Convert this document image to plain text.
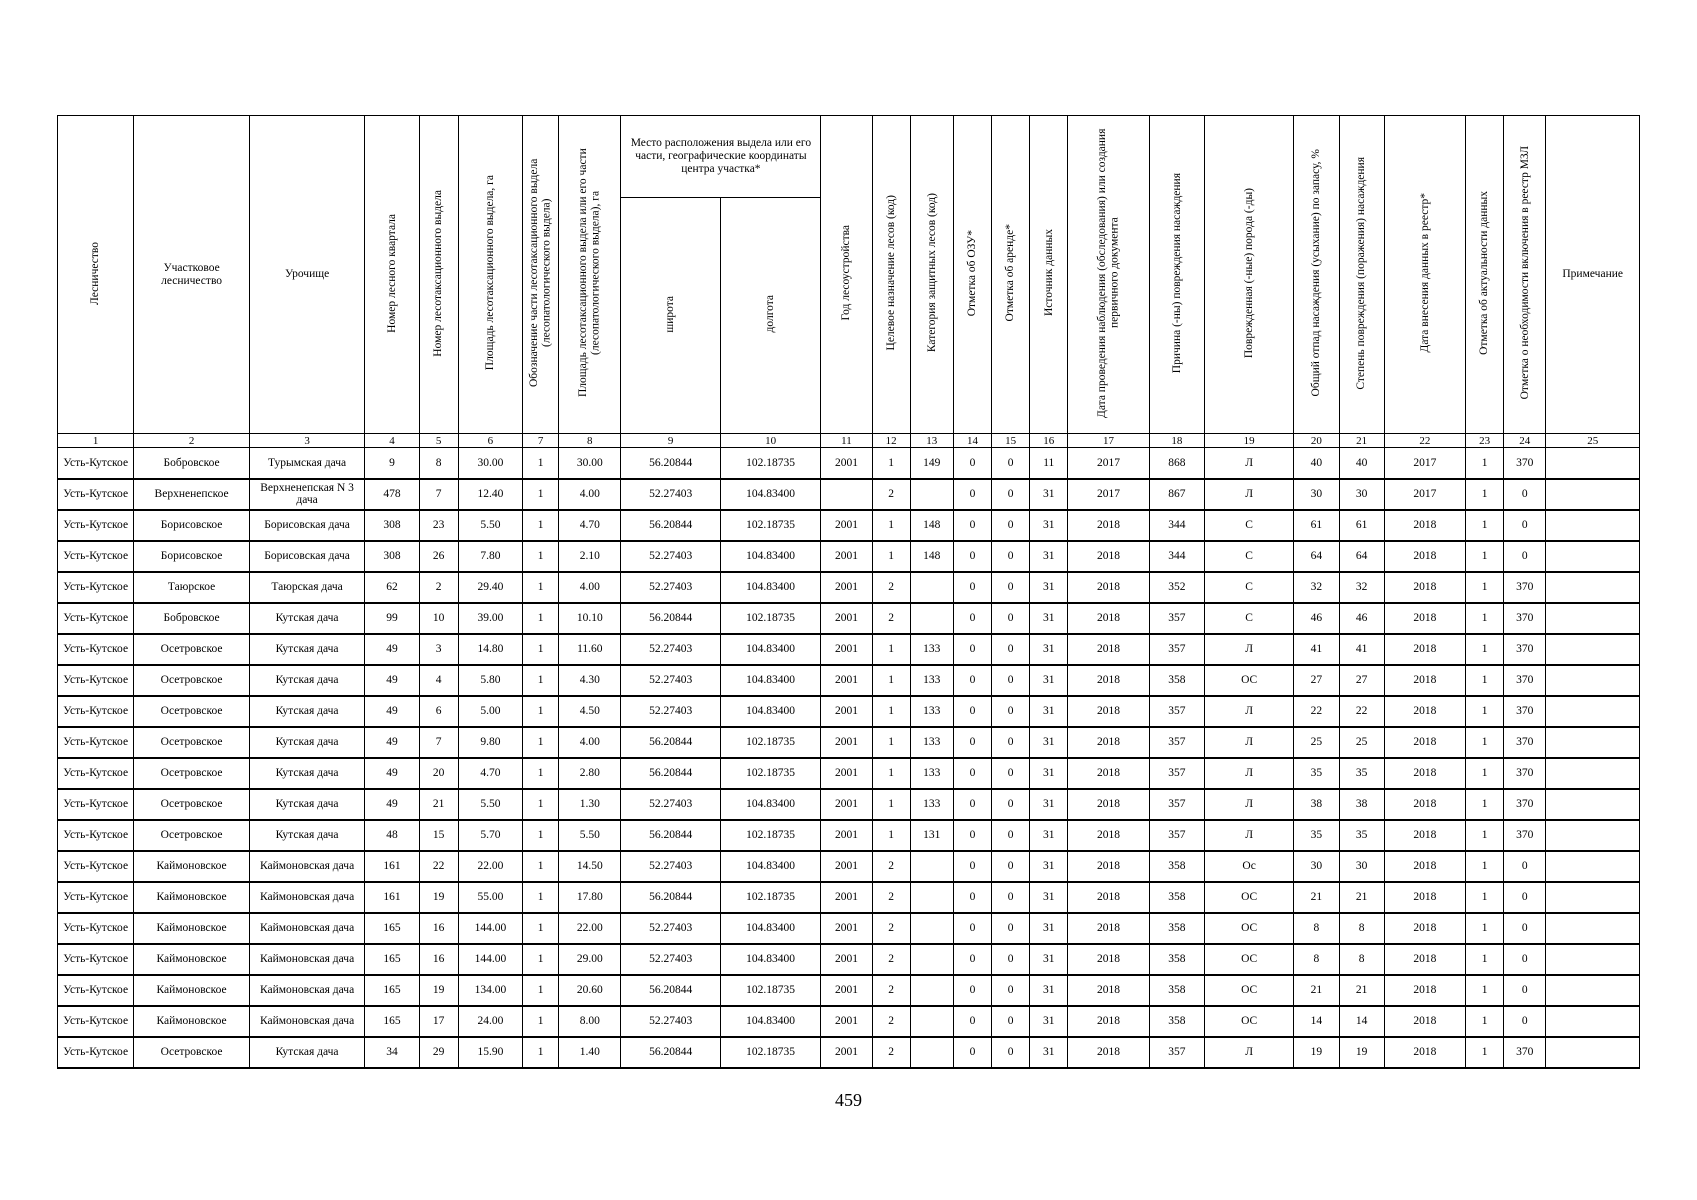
Лесничество	Участковое лесничество	Урочище	Номер лесного квартала	Номер лесотаксационного выдела	Площадь лесотаксационного выдела, га	Обозначение части лесотаксационного выдела (лесопатологического выдела)	Площадь лесотаксационного выдела или его части (лесопатологического выдела), га	Место расположения выдела или его части, географические координаты центра участка*		Год лесоустройства	Целевое назначение лесов (код)	Категория защитных лесов (код)	Отметка об ОЗУ*	Отметка об аренде*	Источник данных	Дата проведения наблюдения (обследования) или создания первичного документа	Причина (-ны) повреждения насаждения	Поврежденная (-ные) порода (-ды)	Общий отпад насаждения (усыхание) по запасу, %	Степень повреждения (поражения) насаждения	Дата внесения данных в реестр*	Отметка об актуальности данных	Отметка о необходимости включения в реестр МЗЛ	Примечание

								широта	долгота															
1	2	3	4	5	6	7	8	9	10	11	12	13	14	15	16	17	18	19	20	21	22	23	24	25
Усть-Кутское	Бобровское	Турымская дача	9	8	30.00	1	30.00	56.20844	102.18735	2001	1	149	0	0	11	2017	868	Л	40	40	2017	1	370	
Усть-Кутское	Верхненепское	Верхненепская N 3 дача	478	7	12.40	1	4.00	52.27403	104.83400		2		0	0	31	2017	867	Л	30	30	2017	1	0	
Усть-Кутское	Борисовское	Борисовская дача	308	23	5.50	1	4.70	56.20844	102.18735	2001	1	148	0	0	31	2018	344	С	61	61	2018	1	0	
Усть-Кутское	Борисовское	Борисовская дача	308	26	7.80	1	2.10	52.27403	104.83400	2001	1	148	0	0	31	2018	344	С	64	64	2018	1	0	
Усть-Кутское	Таюрское	Таюрская дача	62	2	29.40	1	4.00	52.27403	104.83400	2001	2		0	0	31	2018	352	С	32	32	2018	1	370	
Усть-Кутское	Бобровское	Кутская дача	99	10	39.00	1	10.10	56.20844	102.18735	2001	2		0	0	31	2018	357	С	46	46	2018	1	370	
Усть-Кутское	Осетровское	Кутская дача	49	3	14.80	1	11.60	52.27403	104.83400	2001	1	133	0	0	31	2018	357	Л	41	41	2018	1	370	
Усть-Кутское	Осетровское	Кутская дача	49	4	5.80	1	4.30	52.27403	104.83400	2001	1	133	0	0	31	2018	358	ОС	27	27	2018	1	370	
Усть-Кутское	Осетровское	Кутская дача	49	6	5.00	1	4.50	52.27403	104.83400	2001	1	133	0	0	31	2018	357	Л	22	22	2018	1	370	
Усть-Кутское	Осетровское	Кутская дача	49	7	9.80	1	4.00	56.20844	102.18735	2001	1	133	0	0	31	2018	357	Л	25	25	2018	1	370	
Усть-Кутское	Осетровское	Кутская дача	49	20	4.70	1	2.80	56.20844	102.18735	2001	1	133	0	0	31	2018	357	Л	35	35	2018	1	370	
Усть-Кутское	Осетровское	Кутская дача	49	21	5.50	1	1.30	52.27403	104.83400	2001	1	133	0	0	31	2018	357	Л	38	38	2018	1	370	
Усть-Кутское	Осетровское	Кутская дача	48	15	5.70	1	5.50	56.20844	102.18735	2001	1	131	0	0	31	2018	357	Л	35	35	2018	1	370	
Усть-Кутское	Каймоновское	Каймоновская дача	161	22	22.00	1	14.50	52.27403	104.83400	2001	2		0	0	31	2018	358	Ос	30	30	2018	1	0	
Усть-Кутское	Каймоновское	Каймоновская дача	161	19	55.00	1	17.80	56.20844	102.18735	2001	2		0	0	31	2018	358	ОС	21	21	2018	1	0	
Усть-Кутское	Каймоновское	Каймоновская дача	165	16	144.00	1	22.00	52.27403	104.83400	2001	2		0	0	31	2018	358	ОС	8	8	2018	1	0	
Усть-Кутское	Каймоновское	Каймоновская дача	165	16	144.00	1	29.00	52.27403	104.83400	2001	2		0	0	31	2018	358	ОС	8	8	2018	1	0	
Усть-Кутское	Каймоновское	Каймоновская дача	165	19	134.00	1	20.60	56.20844	102.18735	2001	2		0	0	31	2018	358	ОС	21	21	2018	1	0	
Усть-Кутское	Каймоновское	Каймоновская дача	165	17	24.00	1	8.00	52.27403	104.83400	2001	2		0	0	31	2018	358	ОС	14	14	2018	1	0	
Усть-Кутское	Осетровское	Кутская дача	34	29	15.90	1	1.40	56.20844	102.18735	2001	2		0	0	31	2018	357	Л	19	19	2018	1	370	
459
